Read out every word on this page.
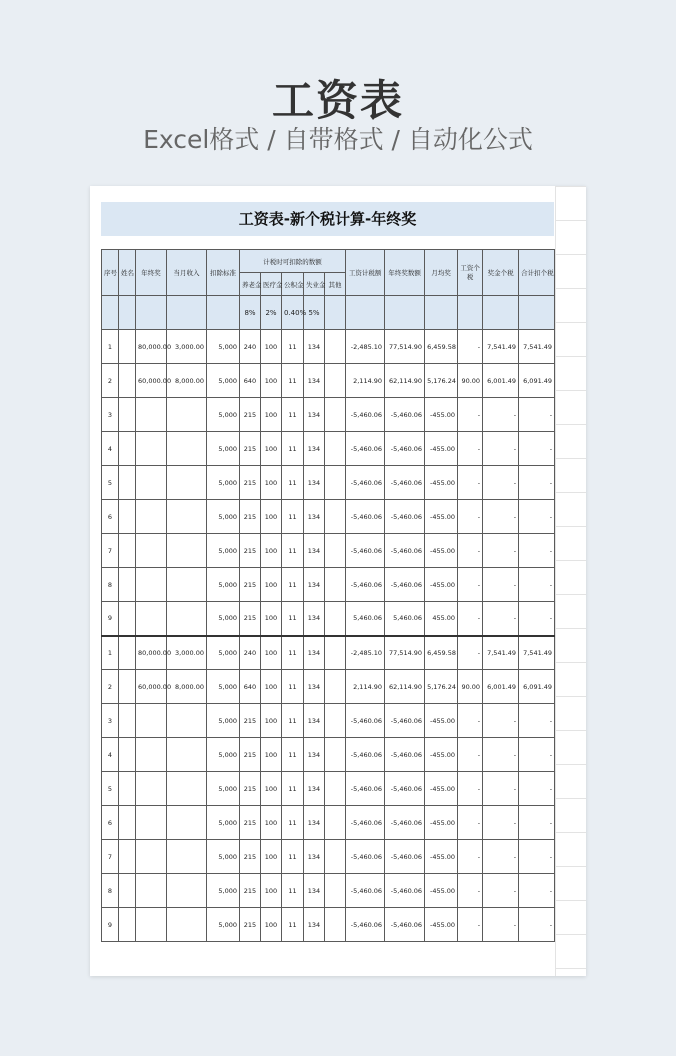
工资表

Excel格式 / 自带格式 / 自动化公式

工资表-新个税计算-年终奖
序号	姓名	年终奖	当月收入	扣除标准	计税时可扣除的数额					工资计税额	年终奖数额	月均奖	工资个税	奖金个税	合计扣个税
					养老金	医疗金	公积金	失业金	其他						
					8%	2%	0.40%	5%							
1		80,000.00	3,000.00	5,000	240	100	11	134		-2,485.10	77,514.90	6,459.58	-	7,541.49	7,541.49
2		60,000.00	8,000.00	5,000	640	100	11	134		2,114.90	62,114.90	5,176.24	90.00	6,001.49	6,091.49
3				5,000	215	100	11	134		-5,460.06	-5,460.06	-455.00	-	-	-
4				5,000	215	100	11	134		-5,460.06	-5,460.06	-455.00	-	-	-
5				5,000	215	100	11	134		-5,460.06	-5,460.06	-455.00	-	-	-
6				5,000	215	100	11	134		-5,460.06	-5,460.06	-455.00	-	-	-
7				5,000	215	100	11	134		-5,460.06	-5,460.06	-455.00	-	-	-
8				5,000	215	100	11	134		-5,460.06	-5,460.06	-455.00	-	-	-
9				5,000	215	100	11	134		5,460.06	5,460.06	455.00	-	-	-
1		80,000.00	3,000.00	5,000	240	100	11	134		-2,485.10	77,514.90	6,459.58	-	7,541.49	7,541.49
2		60,000.00	8,000.00	5,000	640	100	11	134		2,114.90	62,114.90	5,176.24	90.00	6,001.49	6,091.49
3				5,000	215	100	11	134		-5,460.06	-5,460.06	-455.00	-	-	-
4				5,000	215	100	11	134		-5,460.06	-5,460.06	-455.00	-	-	-
5				5,000	215	100	11	134		-5,460.06	-5,460.06	-455.00	-	-	-
6				5,000	215	100	11	134		-5,460.06	-5,460.06	-455.00	-	-	-
7				5,000	215	100	11	134		-5,460.06	-5,460.06	-455.00	-	-	-
8				5,000	215	100	11	134		-5,460.06	-5,460.06	-455.00	-	-	-
9				5,000	215	100	11	134		-5,460.06	-5,460.06	-455.00	-	-	-
